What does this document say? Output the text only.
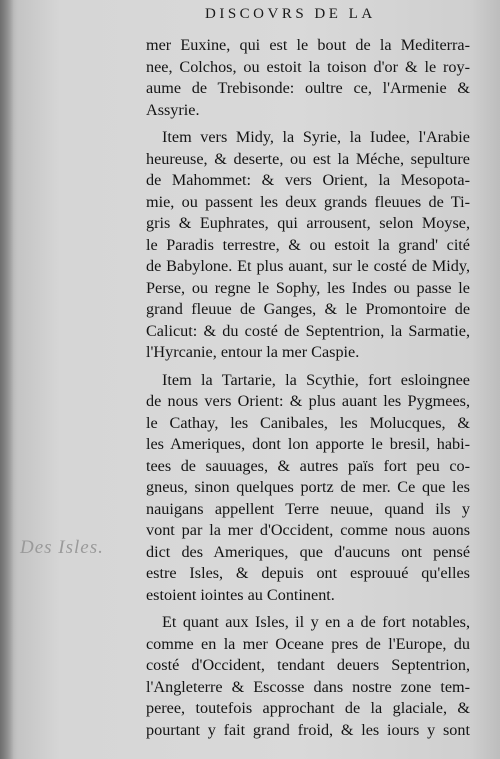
DISCOVRS DE LA
Des Isles.
mer Euxine, qui est le bout de la Mediterra-
nee, Colchos, ou estoit la toison d'or & le roy-
aume de Trebisonde: oultre ce, l'Armenie &
Assyrie.
Item vers Midy, la Syrie, la Iudee, l'Arabie
heureuse, & deserte, ou est la Méche, sepulture
de Mahommet: & vers Orient, la Mesopota-
mie, ou passent les deux grands fleuues de Ti-
gris & Euphrates, qui arrousent, selon Moyse,
le Paradis terrestre, & ou estoit la grand' cité
de Babylone. Et plus auant, sur le costé de Midy,
Perse, ou regne le Sophy, les Indes ou passe le
grand fleuue de Ganges, & le Promontoire de
Calicut: & du costé de Septentrion, la Sarmatie,
l'Hyrcanie, entour la mer Caspie.
Item la Tartarie, la Scythie, fort esloingnee
de nous vers Orient: & plus auant les Pygmees,
le Cathay, les Canibales, les Molucques, &
les Ameriques, dont lon apporte le bresil, habi-
tees de sauuages, & autres païs fort peu co-
gneus, sinon quelques portz de mer. Ce que les
nauigans appellent Terre neuue, quand ils y
vont par la mer d'Occident, comme nous auons
dict des Ameriques, que d'aucuns ont pensé
estre Isles, & depuis ont esprouué qu'elles
estoient iointes au Continent.
Et quant aux Isles, il y en a de fort notables,
comme en la mer Oceane pres de l'Europe, du
costé d'Occident, tendant deuers Septentrion,
l'Angleterre & Escosse dans nostre zone tem-
peree, toutefois approchant de la glaciale, &
pourtant y fait grand froid, & les iours y sont
